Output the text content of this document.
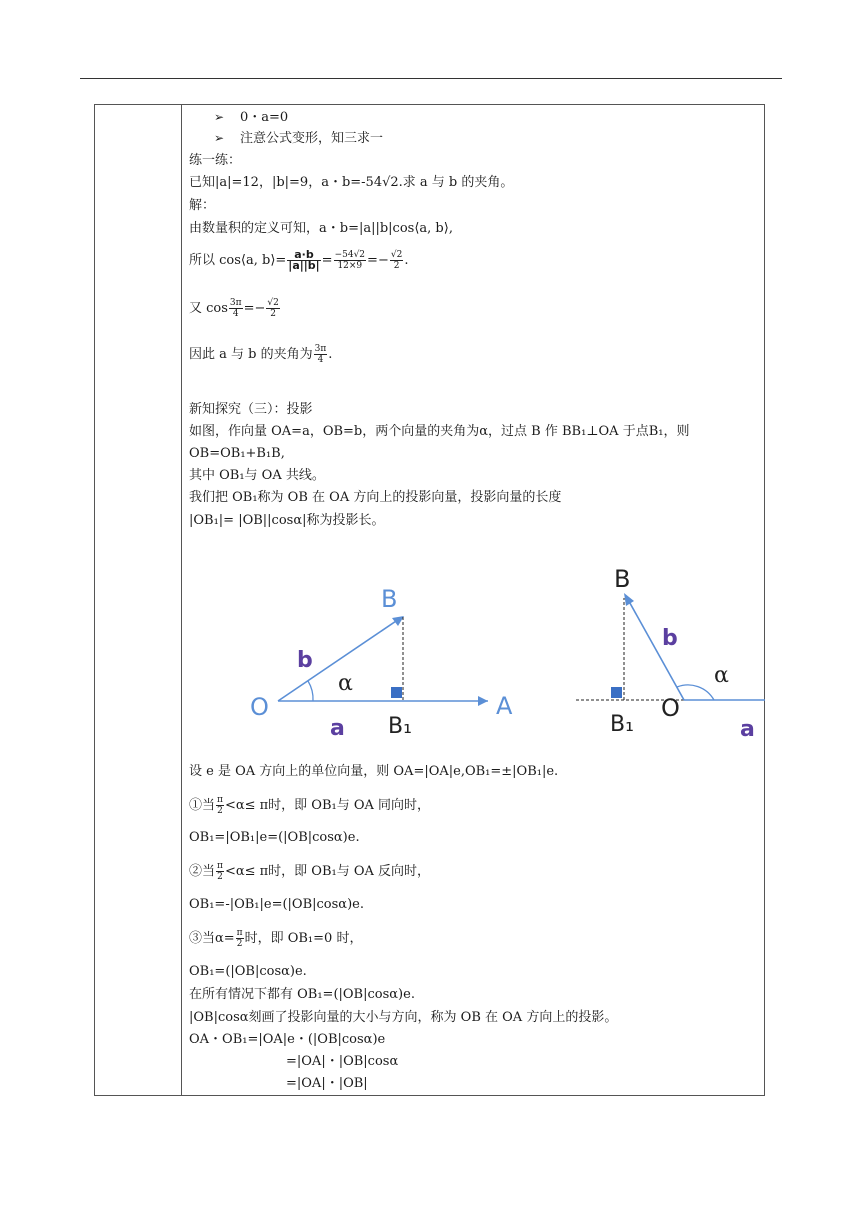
➢ 0・a=0
➢ 注意公式变形，知三求一
练一练：
已知|a|=12，|b|=9，a・b=-54√2.求 a 与 b 的夹角。
解：
由数量积的定义可知，a・b=|a||b|cos⟨a, b⟩,
所以 cos⟨a, b⟩= $\frac{a\cdot b}{|a||b|} = \frac{-54√2}{12\times 9} =- \frac{√2}{2}$ .
又 $\cos \frac{3\pi}{4} =- \frac{√2}{2}$
因此 a 与 b 的夹角为 $\frac{3\pi}{4}$ .
新知探究（三）：投影
如图，作向量 OA=a，OB=b，两个向量的夹角为α，过点 B 作 BB₁⊥OA 于点B₁，则
OB=OB₁+B₁B,
其中 OB₁与 OA 共线。
我们把 OB₁称为 OB 在 OA 方向上的投影向量，投影向量的长度
|OB₁|= |OB||cosα|称为投影长。
O	A
B
B₁
a
b
α
B
b
α
O
B₁	a
设 e 是 OA 方向上的单位向量，则 OA=|OA|e,OB₁=±|OB₁|e.
①当 $\frac{\pi}{2} <\alpha\le \pi$时，即 OB₁与 OA 同向时，
OB₁=|OB₁|e=(|OB|cosα)e.
②当 $\frac{\pi}{2} <\alpha\le \pi$时，即 OB₁与 OA 反向时，
OB₁=-|OB₁|e=(|OB|cosα)e.
③当$\alpha= \frac{\pi}{2}$ 时，即 OB₁=0 时，
OB₁=(|OB|cosα)e.
在所有情况下都有 OB₁=(|OB|cosα)e.
|OB|cosα刻画了投影向量的大小与方向，称为 OB 在 OA 方向上的投影。
OA・OB₁=|OA|e・(|OB|cosα)e
=|OA|・|OB|cosα
=|OA|・|OB|
